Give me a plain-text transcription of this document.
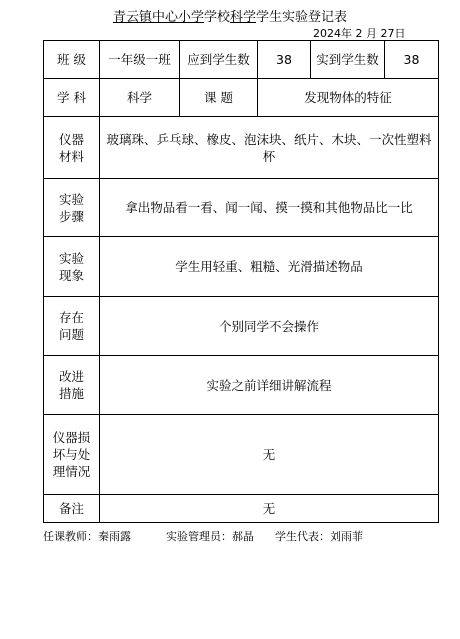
青云镇中心小学学校科学学生实验登记表
2024年 2 月 27日
班 级	一年级一班	应到学生数	38	实到学生数	38
学 科	科学	课 题	发现物体的特征		
仪器
材料	玻璃珠、乒乓球、橡皮、泡沫块、纸片、木块、一次性塑料杯				
实验
步骤	拿出物品看一看、闻一闻、摸一摸和其他物品比一比				
实验
现象	学生用轻重、粗糙、光滑描述物品				
存在
问题	个别同学不会操作				
改进
措施	实验之前详细讲解流程				
仪器损
坏与处
理情况	无				
备注	无				
任课教师：秦雨露	实验管理员：郝晶 学生代表：刘雨菲
